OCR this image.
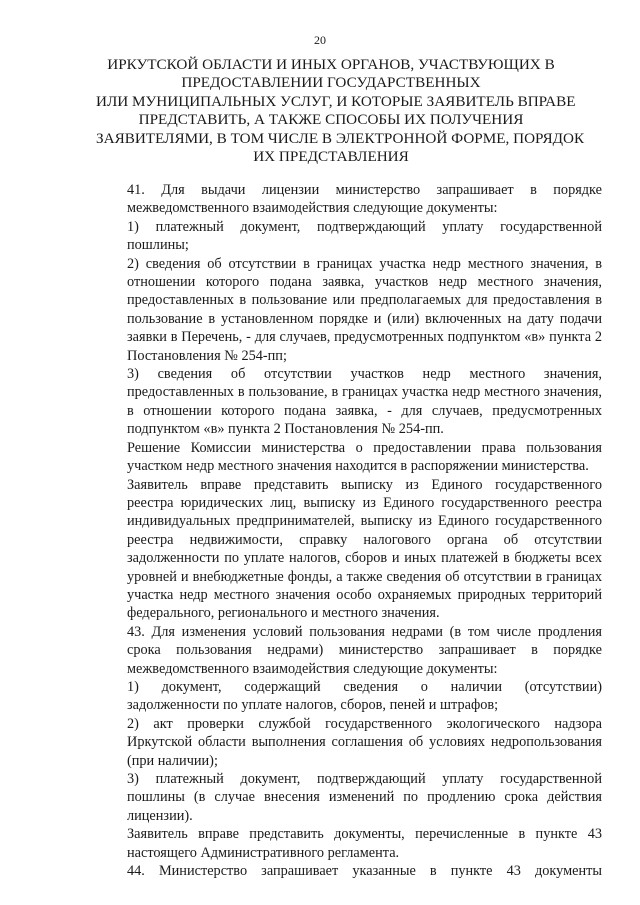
20
ИРКУТСКОЙ ОБЛАСТИ И ИНЫХ ОРГАНОВ, УЧАСТВУЮЩИХ В
ПРЕДОСТАВЛЕНИИ ГОСУДАРСТВЕННЫХ
ИЛИ МУНИЦИПАЛЬНЫХ УСЛУГ, И КОТОРЫЕ ЗАЯВИТЕЛЬ ВПРАВЕ
ПРЕДСТАВИТЬ, А ТАКЖЕ СПОСОБЫ ИХ ПОЛУЧЕНИЯ
ЗАЯВИТЕЛЯМИ, В ТОМ ЧИСЛЕ В ЭЛЕКТРОННОЙ ФОРМЕ, ПОРЯДОК
ИХ ПРЕДСТАВЛЕНИЯ

41. Для выдачи лицензии министерство запрашивает в порядке
межведомственного взаимодействия следующие документы:

1) платежный документ, подтверждающий уплату государственной
пошлины;

2) сведения об отсутствии в границах участка недр местного значения, в
отношении которого подана заявка, участков недр местного значения,
предоставленных в пользование или предполагаемых для предоставления в
пользование в установленном порядке и (или) включенных на дату подачи
заявки в Перечень, - для случаев, предусмотренных подпунктом «в» пункта 2
Постановления № 254-пп;

3) сведения об отсутствии участков недр местного значения,
предоставленных в пользование, в границах участка недр местного значения,
в отношении которого подана заявка, - для случаев, предусмотренных
подпунктом «в» пункта 2 Постановления № 254-пп.

Решение Комиссии министерства о предоставлении права пользования
участком недр местного значения находится в распоряжении министерства.

Заявитель вправе представить выписку из Единого государственного
реестра юридических лиц, выписку из Единого государственного реестра
индивидуальных предпринимателей, выписку из Единого государственного
реестра недвижимости, справку налогового органа об отсутствии
задолженности по уплате налогов, сборов и иных платежей в бюджеты всех
уровней и внебюджетные фонды, а также сведения об отсутствии в границах
участка недр местного значения особо охраняемых природных территорий
федерального, регионального и местного значения.

43. Для изменения условий пользования недрами (в том числе продления
срока пользования недрами) министерство запрашивает в порядке
межведомственного взаимодействия следующие документы:

1) документ, содержащий сведения о наличии (отсутствии)
задолженности по уплате налогов, сборов, пеней и штрафов;

2) акт проверки службой государственного экологического надзора
Иркутской области выполнения соглашения об условиях недропользования
(при наличии);

3) платежный документ, подтверждающий уплату государственной
пошлины (в случае внесения изменений по продлению срока действия
лицензии).

Заявитель вправе представить документы, перечисленные в пункте 43
настоящего Административного регламента.

44. Министерство запрашивает указанные в пункте 43 документы
